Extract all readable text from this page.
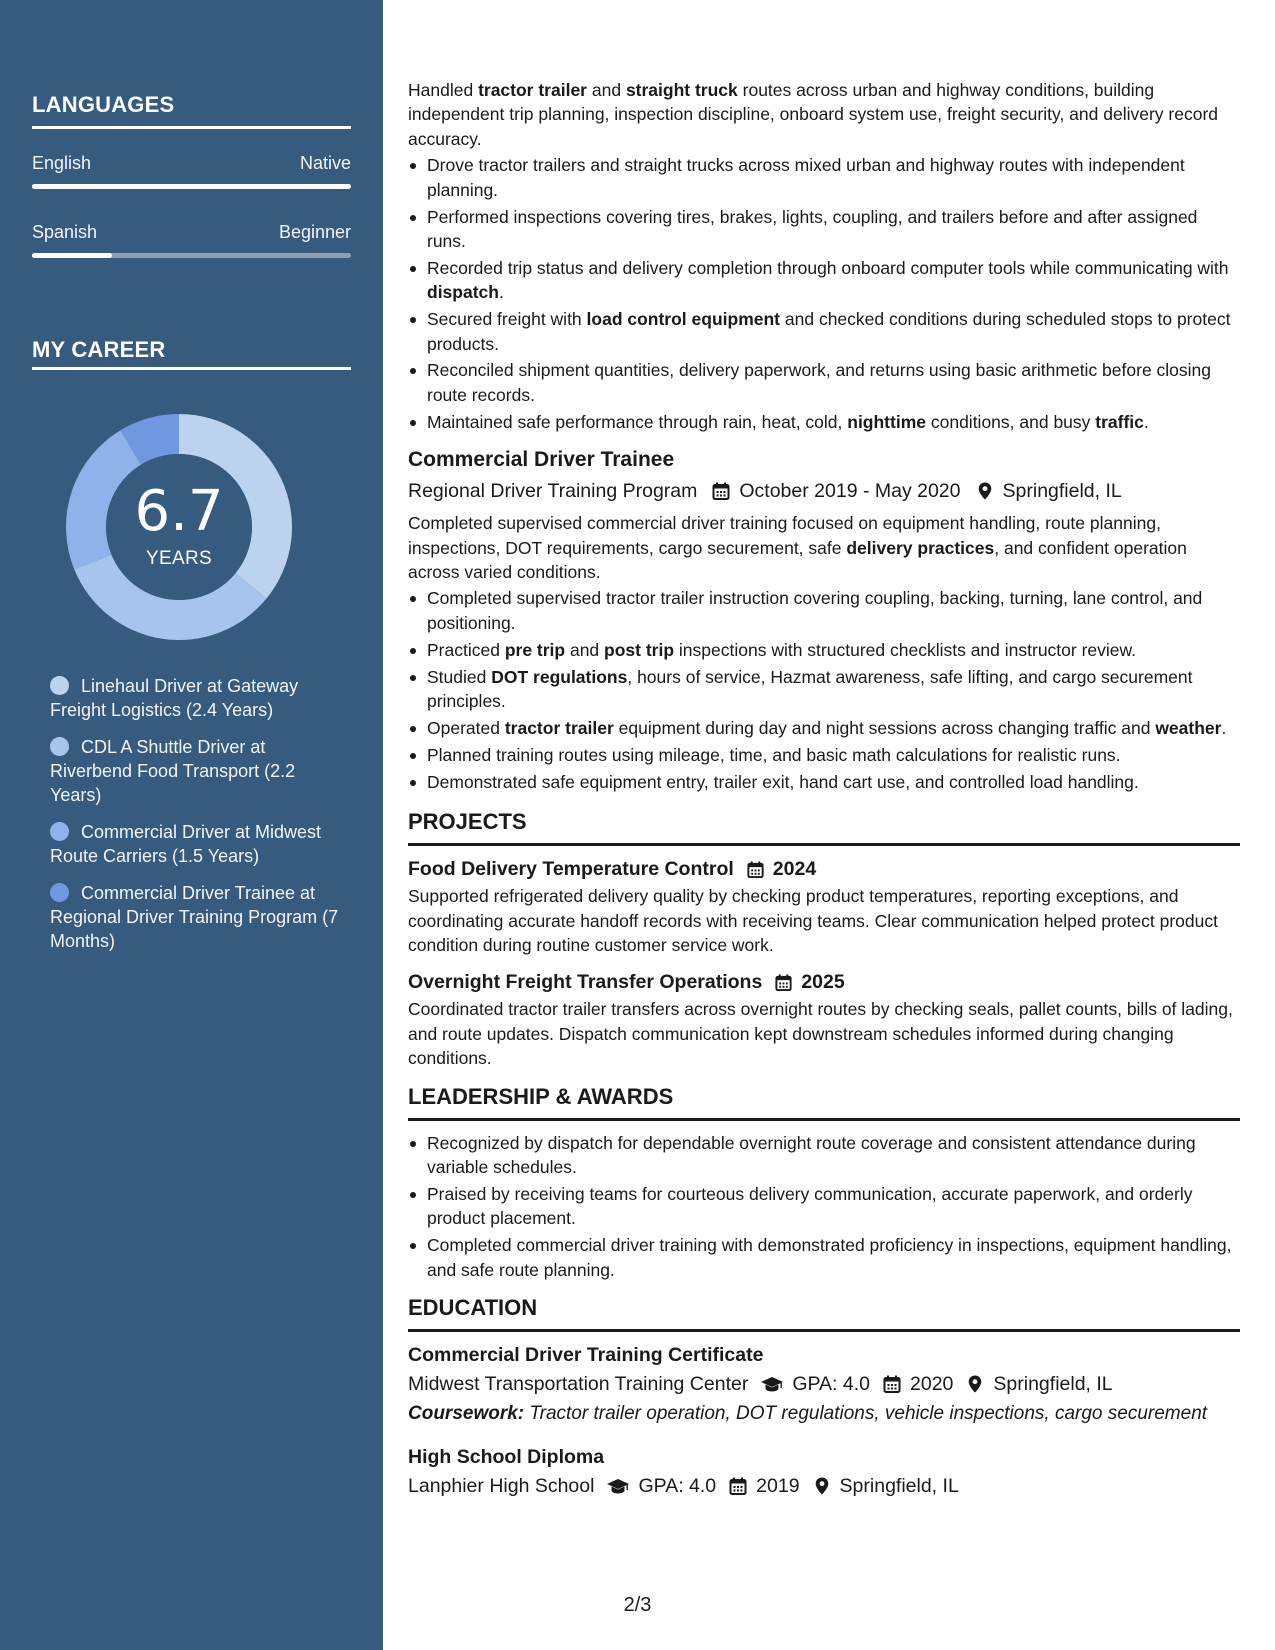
LANGUAGES
English	Native
Spanish	Beginner
MY CAREER
6.7
YEARS
Linehaul Driver at Gateway Freight Logistics (2.4 Years)
CDL A Shuttle Driver at Riverbend Food Transport (2.2 Years)
Commercial Driver at Midwest Route Carriers (1.5 Years)
Commercial Driver Trainee at Regional Driver Training Program (7 Months)

Handled tractor trailer and straight truck routes across urban and highway conditions, building independent trip planning, inspection discipline, onboard system use, freight security, and delivery record accuracy.

Drove tractor trailers and straight trucks across mixed urban and highway routes with independent planning.
Performed inspections covering tires, brakes, lights, coupling, and trailers before and after assigned runs.
Recorded trip status and delivery completion through onboard computer tools while communicating with dispatch.
Secured freight with load control equipment and checked conditions during scheduled stops to protect products.
Reconciled shipment quantities, delivery paperwork, and returns using basic arithmetic before closing route records.
Maintained safe performance through rain, heat, cold, nighttime conditions, and busy traffic.
Commercial Driver Trainee
Regional Driver Training Program October 2019 - May 2020 Springfield, IL

Completed supervised commercial driver training focused on equipment handling, route planning, inspections, DOT requirements, cargo securement, safe delivery practices, and confident operation across varied conditions.

Completed supervised tractor trailer instruction covering coupling, backing, turning, lane control, and positioning.
Practiced pre trip and post trip inspections with structured checklists and instructor review.
Studied DOT regulations, hours of service, Hazmat awareness, safe lifting, and cargo securement principles.
Operated tractor trailer equipment during day and night sessions across changing traffic and weather.
Planned training routes using mileage, time, and basic math calculations for realistic runs.
Demonstrated safe equipment entry, trailer exit, hand cart use, and controlled load handling.
PROJECTS
Food Delivery Temperature Control 2024
Supported refrigerated delivery quality by checking product temperatures, reporting exceptions, and coordinating accurate handoff records with receiving teams. Clear communication helped protect product condition during routine customer service work.
Overnight Freight Transfer Operations 2025
Coordinated tractor trailer transfers across overnight routes by checking seals, pallet counts, bills of lading, and route updates. Dispatch communication kept downstream schedules informed during changing conditions.
LEADERSHIP & AWARDS
Recognized by dispatch for dependable overnight route coverage and consistent attendance during variable schedules.
Praised by receiving teams for courteous delivery communication, accurate paperwork, and orderly product placement.
Completed commercial driver training with demonstrated proficiency in inspections, equipment handling, and safe route planning.
EDUCATION
Commercial Driver Training Certificate
Midwest Transportation Training Center GPA: 4.0 2020 Springfield, IL
Coursework: Tractor trailer operation, DOT regulations, vehicle inspections, cargo securement
High School Diploma
Lanphier High School GPA: 4.0 2019 Springfield, IL
2/3
